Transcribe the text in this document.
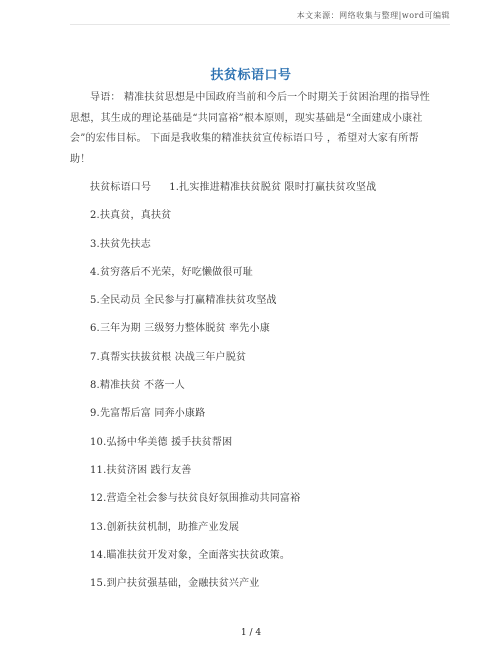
本文来源：网络收集与整理|word可编辑
扶贫标语口号

导语： 精准扶贫思想是中国政府当前和今后一个时期关于贫困治理的指导性思想，其生成的理论基础是“共同富裕”根本原则，现实基础是“全面建成小康社会”的宏伟目标。 下面是我收集的精准扶贫宣传标语口号 ，希望对大家有所帮助！

扶贫标语口号 1.扎实推进精准扶贫脱贫 限时打赢扶贫攻坚战
2.扶真贫，真扶贫
3.扶贫先扶志
4.贫穷落后不光荣，好吃懒做很可耻
5.全民动员 全民参与打赢精准扶贫攻坚战
6.三年为期 三级努力整体脱贫 率先小康
7.真帮实扶拔贫根 决战三年户脱贫
8.精准扶贫 不落一人
9.先富帮后富 同奔小康路
10.弘扬中华美德 援手扶贫帮困
11.扶贫济困 践行友善
12.营造全社会参与扶贫良好氛围推动共同富裕
13.创新扶贫机制，助推产业发展
14.瞄准扶贫开发对象，全面落实扶贫政策。
15.到户扶贫强基础，金融扶贫兴产业
1 / 4
